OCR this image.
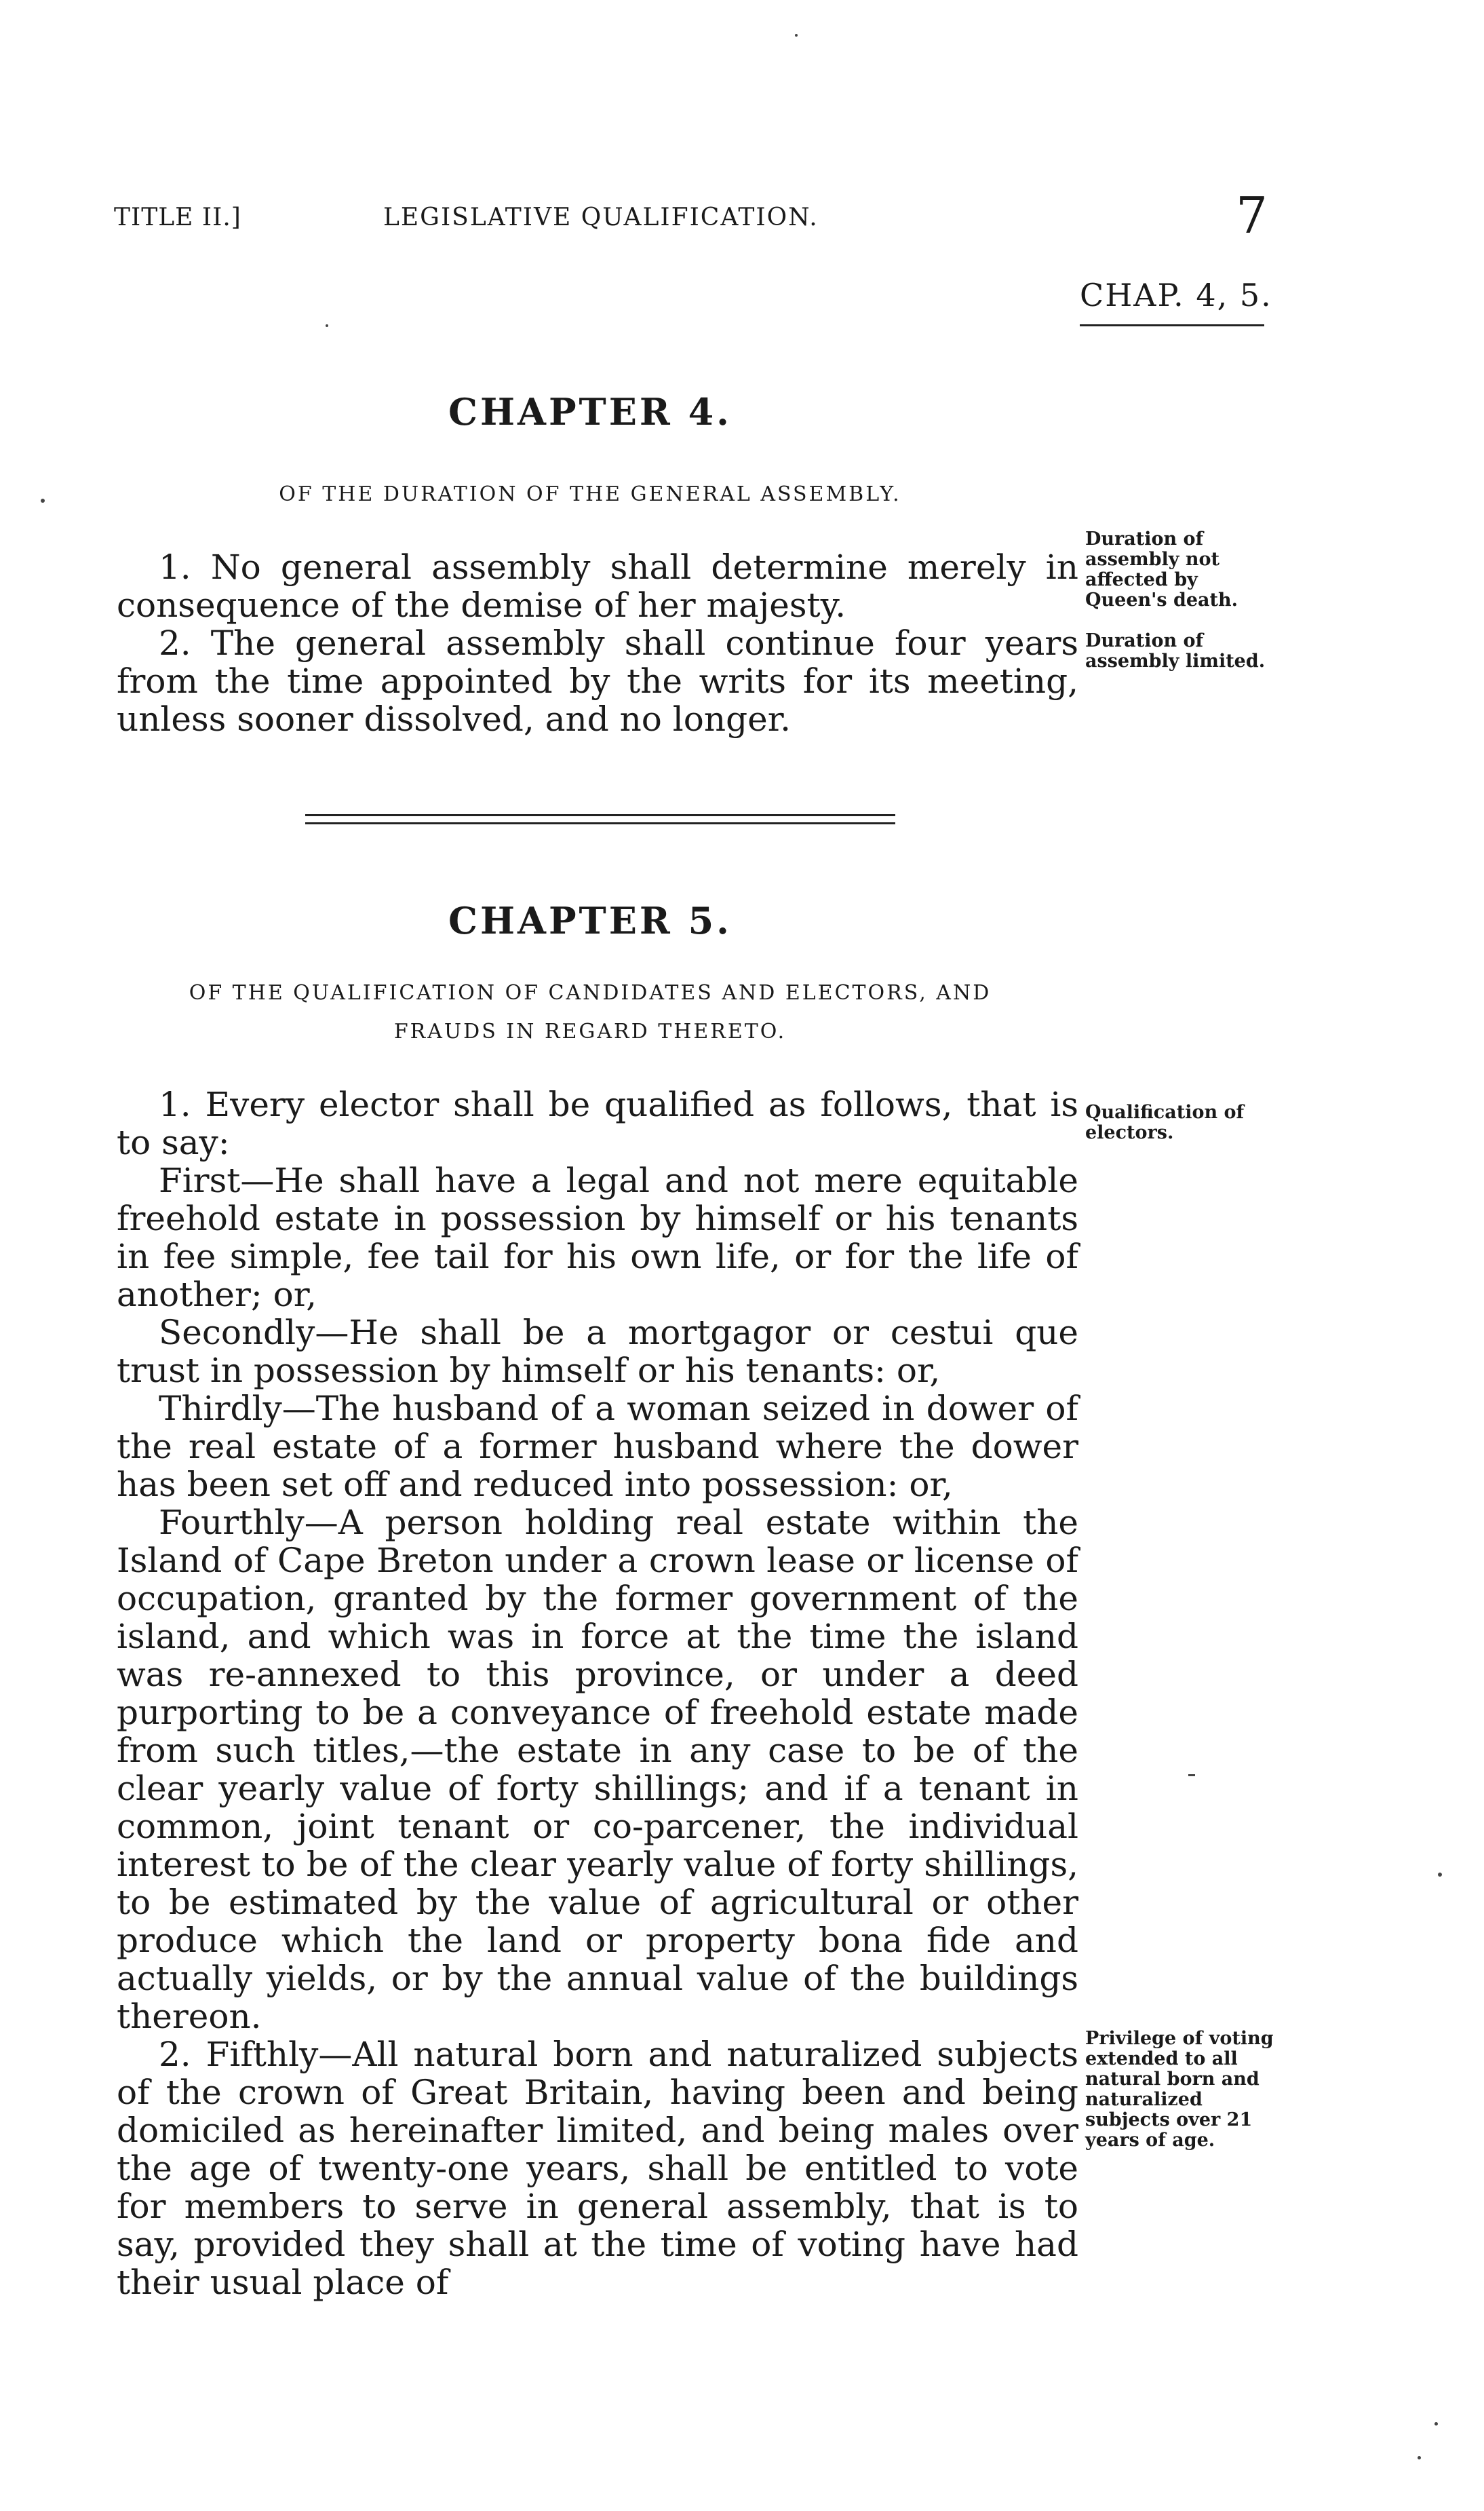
TITLE II.]	LEGISLATIVE QUALIFICATION.	7
CHAP. 4, 5.
CHAPTER 4.
OF THE DURATION OF THE GENERAL ASSEMBLY.

1. No general assembly shall determine merely in consequence of the demise of her majesty.

2. The general assembly shall continue four years from the time appointed by the writs for its meeting, unless sooner dissolved, and no longer.

Duration of assembly not affected by Queen's death.
Duration of assembly limited.
CHAPTER 5.
OF THE QUALIFICATION OF CANDIDATES AND ELECTORS, AND
FRAUDS IN REGARD THERETO.

1. Every elector shall be qualified as follows, that is to say:

First—He shall have a legal and not mere equitable freehold estate in possession by himself or his tenants in fee simple, fee tail for his own life, or for the life of another; or,

Secondly—He shall be a mortgagor or cestui que trust in possession by himself or his tenants: or,

Thirdly—The husband of a woman seized in dower of the real estate of a former husband where the dower has been set off and reduced into possession: or,

Fourthly—A person holding real estate within the Island of Cape Breton under a crown lease or license of occupation, granted by the former government of the island, and which was in force at the time the island was re-annexed to this province, or under a deed purporting to be a conveyance of freehold estate made from such titles,—the estate in any case to be of the clear yearly value of forty shillings; and if a tenant in common, joint tenant or co-parcener, the individual interest to be of the clear yearly value of forty shillings, to be estimated by the value of agricultural or other produce which the land or property bona fide and actually yields, or by the annual value of the buildings thereon.

2. Fifthly—All natural born and naturalized subjects of the crown of Great Britain, having been and being domiciled as hereinafter limited, and being males over the age of twenty-one years, shall be entitled to vote for members to serve in general assembly, that is to say, provided they shall at the time of voting have had their usual place of

Qualification of electors.
Privilege of voting extended to all natural born and naturalized subjects over 21 years of age.
